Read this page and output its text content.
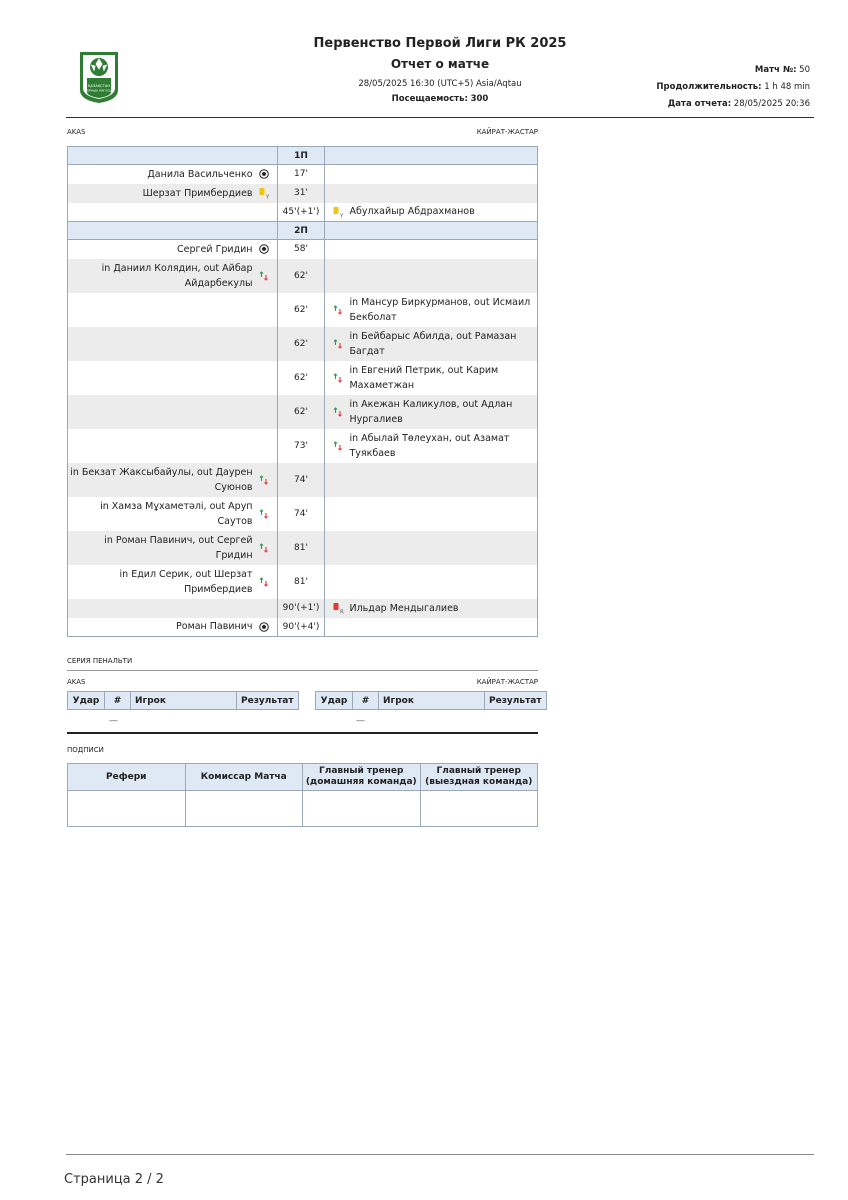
ҚАЗАҚСТАН
БІРІНШІ ЛИГАСЫ
Первенство Первой Лиги РК 2025
Отчет о матче
28/05/2025 16:30 (UTC+5) Asia/Aqtau
Посещаемость: 300
Матч №: 50
Продолжительность: 1 h 48 min
Дата отчета: 28/05/2025 20:36
AKAS	КАЙРАТ-ЖАСТАР
	1П	

Данила Васильченко	17'	

Шерзат Примбердиев Y	31'	
	45'(+1')	Y Абулхайыр Абдрахманов

	2П	

Сергей Гридин	58'	

in Даниил Колядин, out Айбар Айдарбекулы	62'	
	62'	in Мансур Биркурманов, out Исмаил Бекболат

	62'	in Бейбарыс Абилда, out Рамазан Багдат

	62'	in Евгений Петрик, out Карим Махаметжан

	62'	in Акежан Каликулов, out Адлан Нургалиев

	73'	in Абылай Төлеухан, out Азамат Туякбаев

in Бекзат Жаксыбайулы, out Даурен Суюнов	74'	

in Хамза Мұхаметәлі, out Аруп Саутов	74'	

in Роман Павинич, out Сергей Гридин	81'	

in Едил Серик, out Шерзат Примбердиев	81'	
	90'(+1')	R Ильдар Мендыгалиев

Роман Павинич	90'(+4')	
СЕРИЯ ПЕНАЛЬТИ
AKAS	КАЙРАТ-ЖАСТАР
Удар	#	Игрок	Результат	Удар	#	Игрок	Результат
—	—
ПОДПИСИ
Рефери	Комиссар Матча	Главный тренер (домашняя команда)	Главный тренер (выездная команда)

Страница 2 / 2
